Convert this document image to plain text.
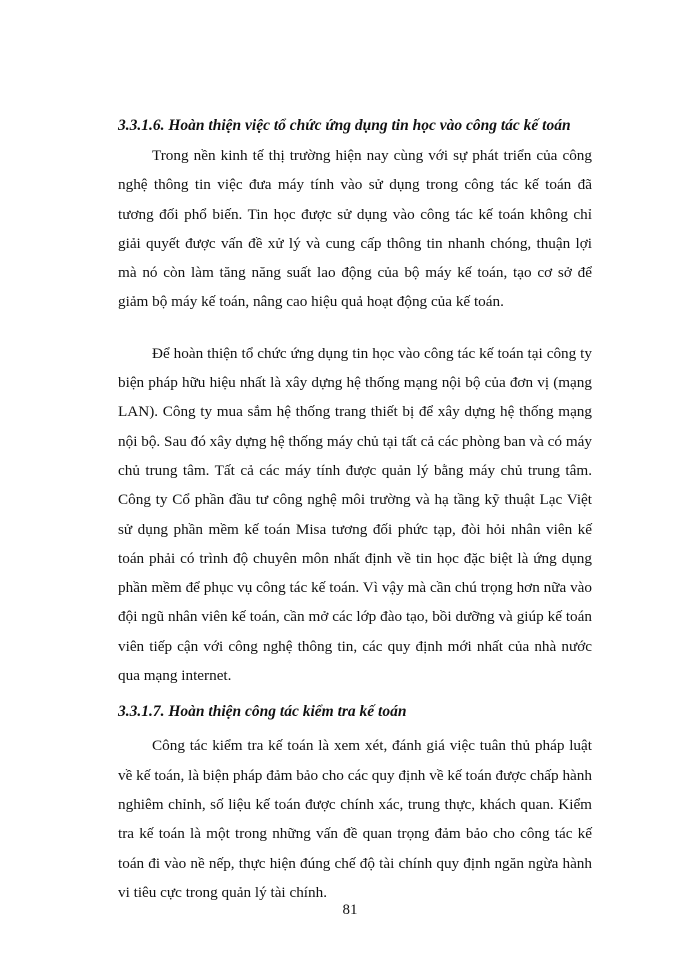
3.3.1.6. Hoàn thiện việc tổ chức ứng dụng tin học vào công tác kế toán

Trong nền kinh tế thị trường hiện nay cùng với sự phát triển của công nghệ thông tin việc đưa máy tính vào sử dụng trong công tác kế toán đã tương đối phổ biến. Tin học được sử dụng vào công tác kế toán không chỉ giải quyết được vấn đề xử lý và cung cấp thông tin nhanh chóng, thuận lợi mà nó còn làm tăng năng suất lao động của bộ máy kế toán, tạo cơ sở để giảm bộ máy kế toán, nâng cao hiệu quả hoạt động của kế toán.

Để hoàn thiện tổ chức ứng dụng tin học vào công tác kế toán tại công ty biện pháp hữu hiệu nhất là xây dựng hệ thống mạng nội bộ của đơn vị (mạng LAN). Công ty mua sắm hệ thống trang thiết bị để xây dựng hệ thống mạng nội bộ. Sau đó xây dựng hệ thống máy chủ tại tất cả các phòng ban và có máy chủ trung tâm. Tất cả các máy tính được quản lý bằng máy chủ trung tâm. Công ty Cổ phần đầu tư công nghệ môi trường và hạ tầng kỹ thuật Lạc Việt sử dụng phần mềm kế toán Misa tương đối phức tạp, đòi hỏi nhân viên kế toán phải có trình độ chuyên môn nhất định về tin học đặc biệt là ứng dụng phần mềm để phục vụ công tác kế toán. Vì vậy mà cần chú trọng hơn nữa vào đội ngũ nhân viên kế toán, cần mở các lớp đào tạo, bồi dưỡng và giúp kế toán viên tiếp cận với công nghệ thông tin, các quy định mới nhất của nhà nước qua mạng internet.

3.3.1.7. Hoàn thiện công tác kiểm tra kế toán

Công tác kiểm tra kế toán là xem xét, đánh giá việc tuân thủ pháp luật về kế toán, là biện pháp đảm bảo cho các quy định về kế toán được chấp hành nghiêm chỉnh, số liệu kế toán được chính xác, trung thực, khách quan. Kiểm tra kế toán là một trong những vấn đề quan trọng đảm bảo cho công tác kế toán đi vào nề nếp, thực hiện đúng chế độ tài chính quy định ngăn ngừa hành vi tiêu cực trong quản lý tài chính.

81
